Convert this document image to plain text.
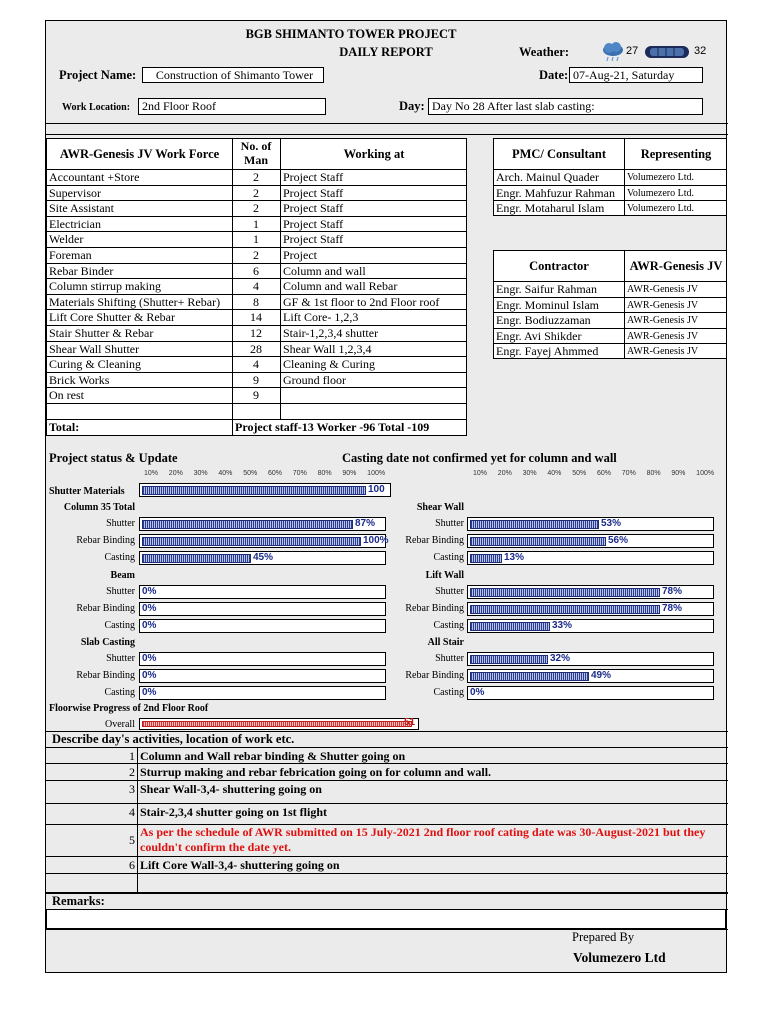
BGB SHIMANTO TOWER PROJECT
DAILY REPORT	Weather:	27	32
Project Name:	Construction of Shimanto Tower	Date: 07-Aug-21, Saturday
Work Location: 2nd Floor Roof	Day: Day No 28 After last slab casting:
AWR-Genesis JV Work Force
No. of Man	Working at
Accountant +Store	2	Project Staff
Supervisor	2	Project Staff
Site Assistant	2	Project Staff
Electrician	1	Project Staff
Welder	1	Project Staff
Foreman	2	Project
Rebar Binder	6	Column and wall
Column stirrup making	4	Column and wall Rebar
Materials Shifting (Shutter+ Rebar)	8	GF & 1st floor to 2nd Floor roof
Lift Core Shutter & Rebar	14	Lift Core- 1,2,3
Stair Shutter & Rebar	12	Stair-1,2,3,4 shutter
Shear Wall Shutter	28	Shear Wall 1,2,3,4
Curing & Cleaning	4	Cleaning & Curing
Brick Works	9	Ground floor
On rest	9
Total:	Project staff-13 Worker -96 Total -109
PMC/ Consultant	Representing
Arch. Mainul Quader	Volumezero Ltd.
Engr. Mahfuzur Rahman	Volumezero Ltd.
Engr. Motaharul Islam	Volumezero Ltd.
Contractor	AWR-Genesis JV
Engr. Saifur Rahman	AWR-Genesis JV
Engr. Mominul Islam	AWR-Genesis JV
Engr. Bodiuzzaman	AWR-Genesis JV
Engr. Avi Shikder	AWR-Genesis JV
Engr. Fayej Ahmmed	AWR-Genesis JV
Project status & Update	Casting date not confirmed yet for column and wall
10% 20% 30% 40% 50% 60% 70% 80% 90% 100%	10% 20% 30% 40% 50% 60% 70% 80% 90% 100%
Shutter Materials	100
Column 35 Total
Shutter	87%
Rebar Binding	100%
Casting	45%
Beam
Shutter 0%
Rebar Binding 0%
Casting 0%
Slab Casting
Shutter 0%
Rebar Binding 0%
Casting 0%
Shear Wall
Shutter	53%
Rebar Binding	56%
Casting	13%
Lift Wall
Shutter	78%
Rebar Binding	78%
Casting	33%
All Stair
Shutter	32%
Rebar Binding	49%
Casting 0%
Floorwise Progress of 2nd Floor Roof
Overall	51
Describe day's activities, location of work etc.
1 Column and Wall rebar binding & Shutter going on
2 Sturrup making and rebar febrication going on for column and wall.
3 Shear Wall-3,4- shuttering going on
4 Stair-2,3,4 shutter going on 1st flight
5
As per the schedule of AWR submitted on 15 July-2021 2nd floor roof cating date was 30-August-2021 but they couldn't confirm the date yet.
6 Lift Core Wall-3,4- shuttering going on
Remarks:
Prepared By
Volumezero Ltd
